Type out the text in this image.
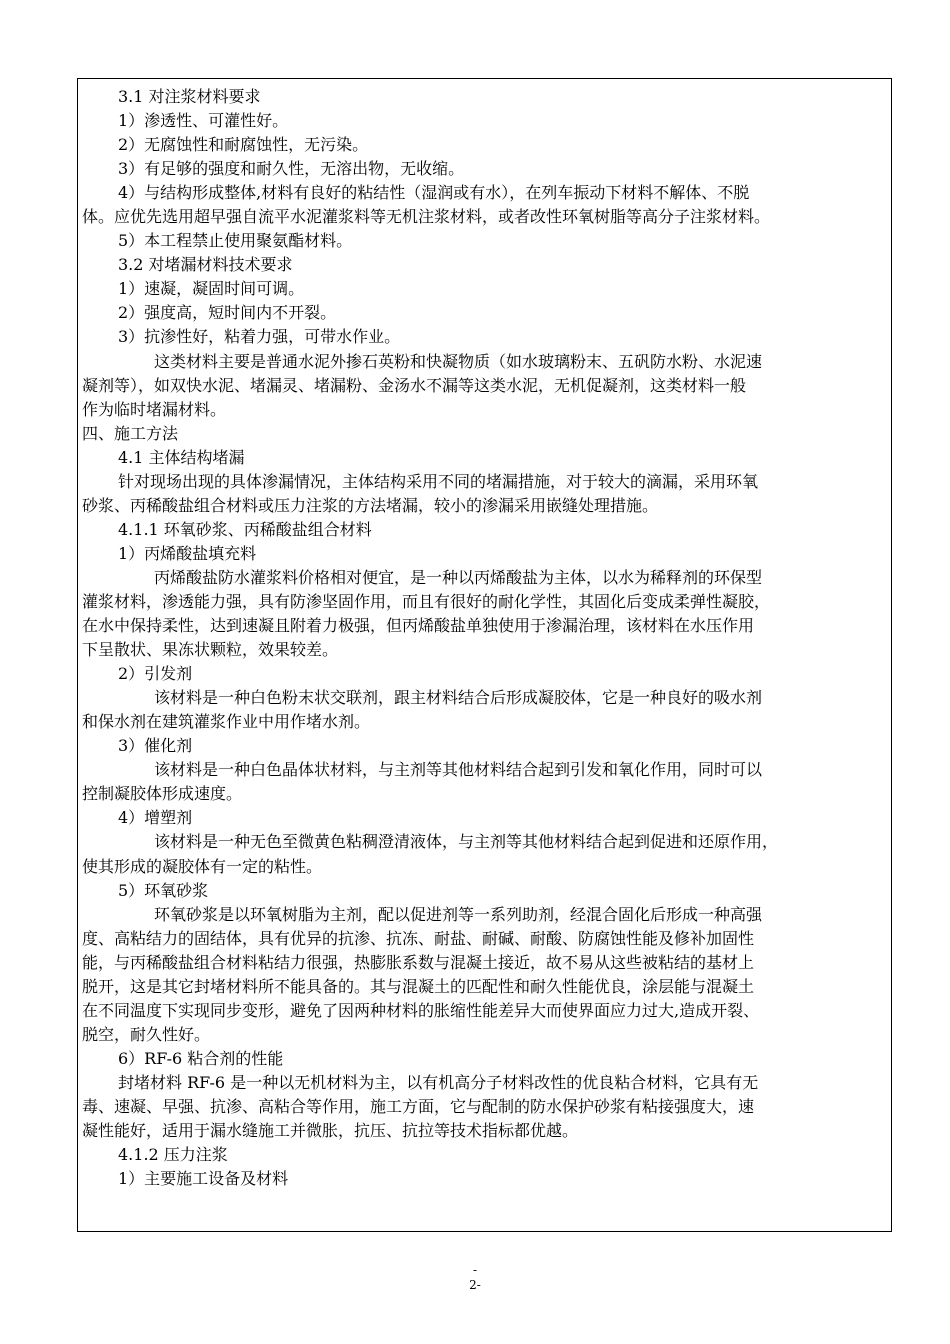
3.1 对注浆材料要求
1）渗透性、可灌性好。
2）无腐蚀性和耐腐蚀性，无污染。
3）有足够的强度和耐久性，无溶出物，无收缩。
4）与结构形成整体,材料有良好的粘结性（湿润或有水），在列车振动下材料不解体、不脱
体。应优先选用超早强自流平水泥灌浆料等无机注浆材料，或者改性环氧树脂等高分子注浆材料。
5）本工程禁止使用聚氨酯材料。
3.2 对堵漏材料技术要求
1）速凝，凝固时间可调。
2）强度高，短时间内不开裂。
3）抗渗性好，粘着力强，可带水作业。
这类材料主要是普通水泥外掺石英粉和快凝物质（如水玻璃粉末、五矾防水粉、水泥速
凝剂等），如双快水泥、堵漏灵、堵漏粉、金汤水不漏等这类水泥，无机促凝剂，这类材料一般
作为临时堵漏材料。
四、施工方法
4.1 主体结构堵漏
针对现场出现的具体渗漏情况，主体结构采用不同的堵漏措施，对于较大的滴漏，采用环氧
砂浆、丙稀酸盐组合材料或压力注浆的方法堵漏，较小的渗漏采用嵌缝处理措施。
4.1.1 环氧砂浆、丙稀酸盐组合材料
1）丙烯酸盐填充料
丙烯酸盐防水灌浆料价格相对便宜，是一种以丙烯酸盐为主体，以水为稀释剂的环保型
灌浆材料，渗透能力强，具有防渗坚固作用，而且有很好的耐化学性，其固化后变成柔弹性凝胶，
在水中保持柔性，达到速凝且附着力极强，但丙烯酸盐单独使用于渗漏治理，该材料在水压作用
下呈散状、果冻状颗粒，效果较差。
2）引发剂
该材料是一种白色粉末状交联剂，跟主材料结合后形成凝胶体，它是一种良好的吸水剂
和保水剂在建筑灌浆作业中用作堵水剂。
3）催化剂
该材料是一种白色晶体状材料，与主剂等其他材料结合起到引发和氧化作用，同时可以
控制凝胶体形成速度。
4）增塑剂
该材料是一种无色至微黄色粘稠澄清液体，与主剂等其他材料结合起到促进和还原作用，
使其形成的凝胶体有一定的粘性。
5）环氧砂浆
环氧砂浆是以环氧树脂为主剂，配以促进剂等一系列助剂，经混合固化后形成一种高强
度、高粘结力的固结体，具有优异的抗渗、抗冻、耐盐、耐碱、耐酸、防腐蚀性能及修补加固性
能，与丙稀酸盐组合材料粘结力很强，热膨胀系数与混凝土接近，故不易从这些被粘结的基材上
脱开，这是其它封堵材料所不能具备的。其与混凝土的匹配性和耐久性能优良，涂层能与混凝土
在不同温度下实现同步变形，避免了因两种材料的胀缩性能差异大而使界面应力过大,造成开裂、
脱空，耐久性好。
6）RF-6 粘合剂的性能
封堵材料 RF-6 是一种以无机材料为主，以有机高分子材料改性的优良粘合材料，它具有无
毒、速凝、早强、抗渗、高粘合等作用，施工方面，它与配制的防水保护砂浆有粘接强度大，速
凝性能好，适用于漏水缝施工并微胀，抗压、抗拉等技术指标都优越。
4.1.2 压力注浆
1）主要施工设备及材料
-
2-
